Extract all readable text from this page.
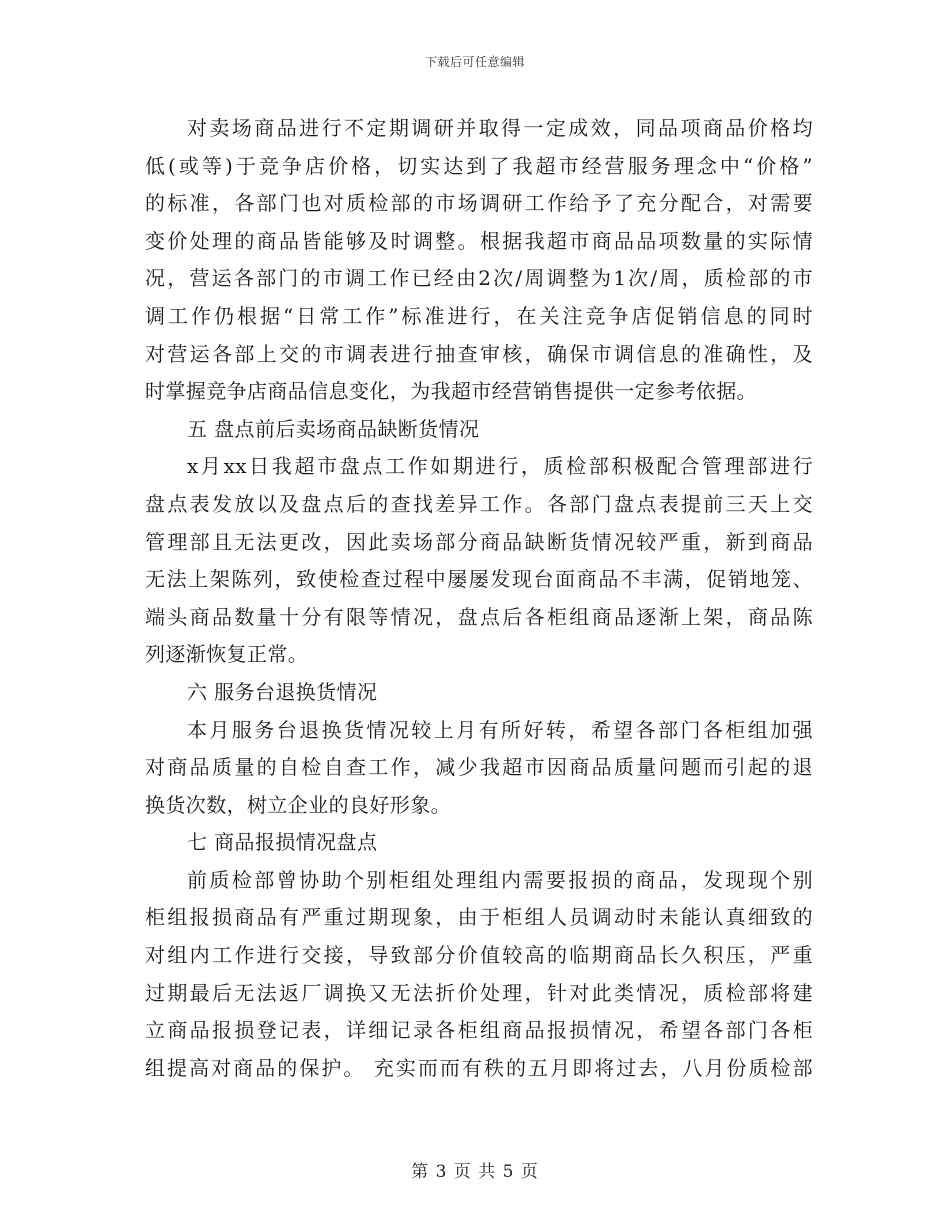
下载后可任意编辑
对卖场商品进行不定期调研并取得一定成效，同品项商品价格均
低(或等)于竞争店价格，切实达到了我超市经营服务理念中“价格”
的标准，各部门也对质检部的市场调研工作给予了充分配合，对需要
变价处理的商品皆能够及时调整。根据我超市商品品项数量的实际情
况，营运各部门的市调工作已经由2次/周调整为1次/周，质检部的市
调工作仍根据“日常工作”标准进行，在关注竞争店促销信息的同时
对营运各部上交的市调表进行抽查审核，确保市调信息的准确性，及
时掌握竞争店商品信息变化，为我超市经营销售提供一定参考依据。
五 盘点前后卖场商品缺断货情况
x月xx日我超市盘点工作如期进行，质检部积极配合管理部进行
盘点表发放以及盘点后的查找差异工作。各部门盘点表提前三天上交
管理部且无法更改，因此卖场部分商品缺断货情况较严重，新到商品
无法上架陈列，致使检查过程中屡屡发现台面商品不丰满，促销地笼、
端头商品数量十分有限等情况，盘点后各柜组商品逐渐上架，商品陈
列逐渐恢复正常。
六 服务台退换货情况
本月服务台退换货情况较上月有所好转，希望各部门各柜组加强
对商品质量的自检自查工作，减少我超市因商品质量问题而引起的退
换货次数，树立企业的良好形象。
七 商品报损情况盘点
前质检部曾协助个别柜组处理组内需要报损的商品，发现现个别
柜组报损商品有严重过期现象，由于柜组人员调动时未能认真细致的
对组内工作进行交接，导致部分价值较高的临期商品长久积压，严重
过期最后无法返厂调换又无法折价处理，针对此类情况，质检部将建
立商品报损登记表，详细记录各柜组商品报损情况，希望各部门各柜
组提高对商品的保护。 充实而而有秩的五月即将过去，八月份质检部
第 3 页 共 5 页
